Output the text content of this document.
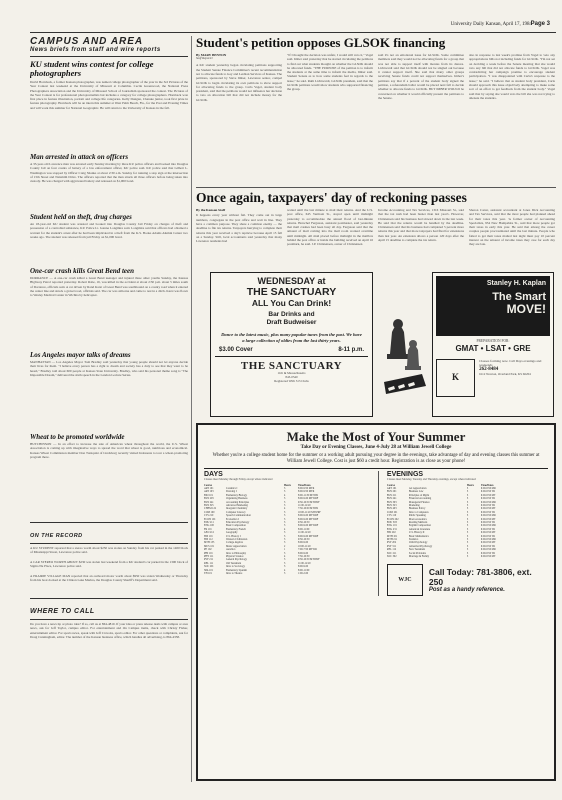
University Daily Kansan, April 17, 1984
Page 3
CAMPUS AND AREA
News briefs from staff and wire reports
KU student wins contest for college photographers
David Hornback, a former Kansan photographer, was named college photographer of the year in the 3rd Pictures of the Year Contest last weekend at the University of Missouri at Columbia. Cecile Greenwood, the National Press Photographers Association and the University of Missouri School of Journalism sponsored the contest. The Pictures of the Year Contest is for professional photojournalists but includes a category for college photographers. Hornback won first place in feature illustration, portrait and college life categories. Kelly Dungan, Chanute junior, took first prize in feature photography. Hornback will be an intern this summer at West Palm Beach, Fla., for the Post and Evening Times and will work this summer for National Geographic. He will return to the University of Kansas in the fall.
Man arrested in attack on officers
A 33-year-old Lawrence man was arrested early Sunday morning by three KU police officers and booked into Douglas County Jail on four counts of battery of a law enforcement officer, KU police said. KU police said that Gilbert L. Washington was stopped by Officer Craig Shanks at about 2:30 a.m. Sunday for running a stop sign at the intersection of 15th Street and Naismith Drive. The officers reported that the man struck all three officers before being taken into custody. He was charged with aggravated battery and released on $1,000 bond.
Student held on theft, drug charges
An 18-year-old KU student was arrested and booked into Douglas County Jail Friday on charges of theft and possession of a controlled substance, KU Police Lt. Jeanne Longmire said. Longmire said that officers had obtained a warrant for the student's arrest after he had been implicated in a theft from the K.S. Books Adams Alumni Center two weeks ago. The student was released from jail Friday on $1,000 bond.
One-car crash kills Great Bend teen
DORRANCE — A one-car crash killed a Great Bend teenager and injured three other youths Sunday, the Kansas Highway Patrol reported yesterday. Robert Rabe, 16, was killed in the accident at about 2:30 p.m. about 5 miles south of Dorrance, officials said. A car driven by Rand Karst of Great Bend was southbound on a county road when it entered the center line and struck a gravel road, officials said. The car was airborne and came to rest in a ditch. Karst was flown to Wesley Medical Center in Wichita by helicopter.
Los Angeles mayor talks of dreams
MANHATTAN — Los Angeles Mayor Tom Bradley said yesterday that young people should not let anyone decide their lives for them. "I believe every person has a right to dream and society has a duty to see that they want to be heard," Bradley told about 600 people at Kansas State University. Bradley, who said his personal theme song is "The Impossible Dream," delivered the sixth speech in the Landon Lecture Series.
Wheat to be promoted worldwide
HUTCHINSON — In an effort to increase the sale of American wheat throughout the world, the U.S. Wheat Association is coming up with imaginative ways to spread the word that wheat is good, nutritious and economical. Kansas Wheat Commission member Don Turnquist of Lindsborg recently visited Indonesia to tour a wheat-promoting program there.
ON THE RECORD
A KU STUDENT reported that a stereo worth about $250 was stolen on Sunday from his car parked in the 1400 block of Mississippi Street, Lawrence police said.
A CAR STEREO WORTH ABOUT $230 was stolen last weekend from a KU student's car parked in the 1300 block of Sigma Nu Place, Lawrence police said.
A PRAIRIE VILLAGE MAN reported that an outboard motor worth about $950 was stolen Wednesday or Thursday from his boat docked at the Clinton Lake Marina, the Douglas County Sheriff's Department said.
WHERE TO CALL
Do you have a news tip or photo idea? If so, call us at 864-4810. If your idea or press release deals with campus or area news, ask for Jeff Taylor, campus editor. For entertainment and On Campus items, check with Christy Fisher, entertainment editor. For sports news, speak with Jeff Cravotta, sports editor. For other questions or complaints, ask for Doug Cunningham, editor. The number of the Kansan business office, which handles all advertising, is 864-4358.
Student's petition opposes GLSOK financing
By MARY BENTON
Staff Reporter
A KU student yesterday began circulating petitions supporting the Student Senate Finance Committee's recent recommendation not to allocate funds to Gay and Lesbian Services of Kansas. The petitions, sponsored by Steve Imber, Lawrence senior, compel GLSOK to begin circulating its own petitions to show support for allocating funds to the group. Carla Vogel, student body president, said that the petitions would not influence her decision to veto an allocation bill that did not include money for the GLSOK.
"If I thought the decision was unfair, I would still veto it," Vogel said. Imber said yesterday that he started circulating the petitions to find out what students thought on whether the GLSOK should be allocated funds. "THE PURPOSE of the petition is to inform the students at the same time to inform the media, Imber said. Student Senate as to how some students feel in regards to the issue," he said. Ruth Lichtwardt, GLSOK president, said that the GLSOK petitions would show students who supported financing the group.
said it's not an emotional issue for GLSOK. Some committee members said they would not be allocating funds for a group that was not able to support itself with monies from its dances. Lichtwardt said that GLSOK should not be singled out because it cannot support itself. She said that many other groups receiving Senate funds could not support themselves. Imber's petitions say that if a percent of the student body signed the petition, a referendum ballot would be placed next fall to decide whether to allocate funds to GLSOK. BUT IMBER WOULD be concerned on whether it would officially present the petitions to the Senate.
also in response to last week's promise from Vogel to veto any appropriations bills not including funds for GLSOK. "I'm not set on deciding a week before the Senate meeting that she would veto any bill that did not allocate funds to GLSOK. Vogel was contradicting her campaign promise to encourage student participation. "I was disappointed with Carla's response to the issue," he said. "I believe that as student body president, Carla should approach this issue objectively attempting to make some sort of an effort to get feedback from the student body." Vogel said that by saying she would veto the bill she was not trying to alienate the students.
Once again, taxpayers' day of reckoning passes
By the Kansan Staff
It happens every year without fail. They come out in large numbers, congregate in the post office and wait in line. They have a common purpose. They share a common enemy — the deadline to file tax returns. Taxpayers hurrying to complete their returns this year received a day's reprieve because April 15 fell on a Sunday. Still, local accountants said yesterday that many Lawrence residents had
waited until the last minute to mail their returns. And the U.S. post office, 645 Vermont St., stayed open until midnight yesterday to accommodate the annual flood of last-minute returns. Herschel Ferguson, assistant postmaster, said yesterday that mail crashes had been busy all day. Ferguson said that the amount of mail coming into the mail room worked overtime until midnight. All mail placed before midnight in the mailbox behind the post office or inside the building received an April 16 postmark, he said. J.P. Christensen, owner of Christensen
Income Accounting and Tax Services, 1316 Missouri St., said that the tax rush had been busier than last year's. However, Christensen said his business had slowed down in the last week. He said that the returns would be handled by the deadline. Christensen said that his business had completed 5 percent more returns this year and that more taxpayers had filed for extensions than last year. An extension allows a person 120 days after the April 15 deadline to complete the tax return.
Sharon Carter, assistant accountant at Jones Dick Accounting and Tax Services, said that the most people had planned ahead for their taxes this year. 'A former owner of Accounting Specialists, 934 New Hampshire St., said that more people got their taxes in early this year. He said that among the career couples people procrastinated until the last minute. People who failed to get their taxes mailed last night must pay 10 percent interest on the amount of income taxes they owe for each day they are late.
WEDNESDAY at
THE SANCTUARY
ALL You Can Drink!
Bar Drinks and
Draft Budweiser
Dance to the latest music, plus many popular tunes from the past. We have a large collection of oldies from the last thirty years.
$3.00 Cover	8-11 p.m.
THE SANCTUARY
11th & Massachusetts
843-0540
Registered With 313 Clubs
Stanley H. Kaplan
The Smart
MOVE!
PREPARATION FOR:
GMAT • LSAT • GRE
K
Classes forming now. Call Days evenings and weekends
262-8484
6112 Newton, Overland Park, KS 66204
Make the Most of Your Summer
Take Day or Evening Classes, June 4-July 28 at William Jewell College
Whether you're a college student home for the summer or a working adult pursuing your degree in the evenings, take advantage of day and evening classes this summer at William Jewell College. Cost is just $60 a credit hour. Registration is as close as your phone!
DAYS
Classes meet Monday through Friday except where indicated
Course	Hours	Time/Dates
ART 101	Ceramics I	3	8:00-9:50 MTR
ART 103	Drawing I	3	8:00-9:50 MTR
BIO 101	Elementary Biology	4	8:00-11:30 MTWR
BUS 203	Organizing Business	3	8:00-9:20 MTWRF
BUS 241	Accounting Principles	3	9:30-10:50 MTWRF
BUS 325	Advanced Marketing	3	11:00-12:20
CHEM 122	Inorganic Chemistry	4	7:30-10:00 MTWR
COM 100	Computer Literacy	3	10:00-11:20 MTWRF
CTS 210	Speech Communication	3	8:00-9:20 MTWRF
ECON 101	Economics I	3	8:00-9:20 MTWRF
EDU 211	Education Psychology	3	9:30-10:50
ENG 100	Basic Composition	3	8:00-9:20 MTWRF
FR 101	Elementary French	4	8:00-11:00
GEO 212	Geography	3	11:00-12:20
HIS 101	U.S. History I	3	8:00-9:20 MTWRF
HIS 112	Western Civilization	3	9:30-10:50
MTH 135	College Algebra	3	8:00-9:20
MUS 101	Music Appreciation	2	10:00-11:20
PE 102	Aerobics	1	7:00-7:50 MTWR
PHI 101	Intro to Philosophy	3	8:00-9:20
PHY 111	Physical Science	4	7:30-10:30
PSY 211	General Psychology	3	9:30-10:50 MTWRF
REL 111	Old Testament	3	11:00-12:20
SOC 201	Intro to Sociology	3	8:00-9:20
SPA 101	Elementary Spanish	4	8:00-11:00
TH 101	Intro to Theatre	3	1:00-2:20
EVENINGS
Classes meet Monday, Tuesday and Thursday evenings, except where indicated
Course	Hours	Time/Dates
ART 101	Art Appreciation	3	6:00-8:50 MR
BUS 201	Business Law	3	6:00-8:50 TR
BUS 211	Principles of Mgmt	3	6:00-8:50 MT
BUS 241	Financial Accounting	3	6:00-8:50 TR
BUS 303	Managerial Finance	3	6:00-8:50 MR
BUS 323	Marketing	3	6:00-8:50 TR
BUS 403	Business Policy	3	6:00-8:50 MT
COM 101	Intro to Computers	3	6:00-8:50 TR
CTS 110	Public Speaking	3	6:00-8:50 MR
ECON 202	Macroeconomics	3	6:00-8:50 MT
EDU 303	Reading Methods	3	6:00-8:50 TR
ENG 101	English Composition	3	6:00-8:50 MR
ENG 231	American Literature	3	6:00-8:50 TR
HIS 202	U.S. History II	3	6:00-8:50 MT
MTH 101	Basic Mathematics	3	6:00-8:50 TR
MTH 211	Statistics	3	6:00-8:50 MR
PSY 202	Child Psychology	3	6:00-8:50 MT
PSY 311	Abnormal Psychology	3	6:00-8:50 TR
REL 112	New Testament	3	6:00-8:50 MR
SOC 211	Social Problems	3	6:00-8:50 TR
SOC 302	Marriage & Family	3	6:00-8:50 MT
WJC
Call Today: 781-3806, ext. 250
Post as a handy reference.
